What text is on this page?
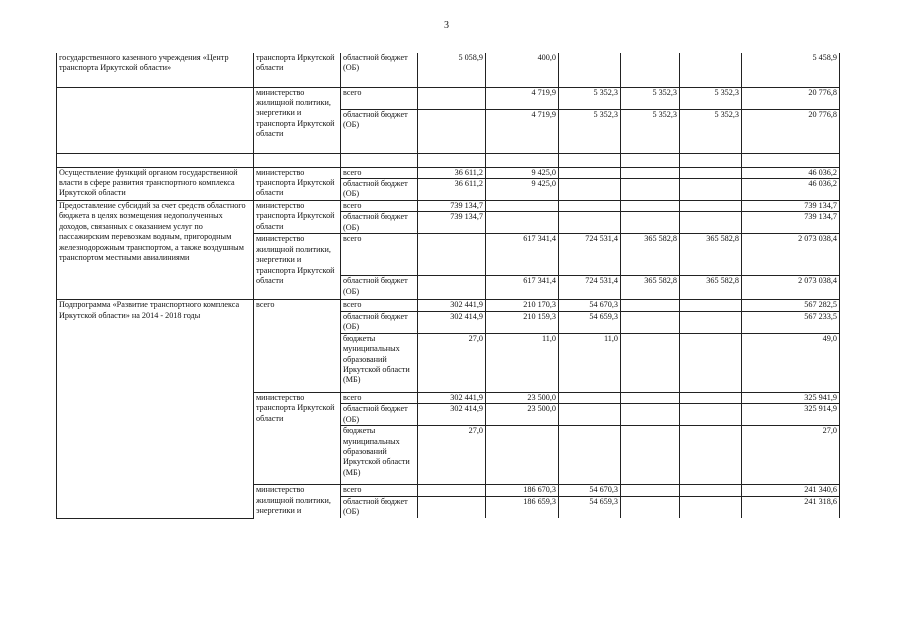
3
государственного казенного учреждения «Центр транспорта Иркутской области»	транспорта Иркутской области	областной бюджет (ОБ)	5 058,9	400,0				5 458,9
	министерство жилищной политики, энергетики и транспорта Иркутской области	всего		4 719,9	5 352,3	5 352,3	5 352,3	20 776,8
		областной бюджет (ОБ)		4 719,9	5 352,3	5 352,3	5 352,3	20 776,8

Осуществление функций органом государственной власти в сфере развития транспортного комплекса Иркутской области	министерство транспорта Иркутской области	всего	36 611,2	9 425,0				46 036,2
		областной бюджет (ОБ)	36 611,2	9 425,0				46 036,2
Предоставление субсидий за счет средств областного бюджета в целях возмещения недополученных доходов, связанных с оказанием услуг по пассажирским перевозкам водным, пригородным железнодорожным транспортом, а также воздушным транспортом местными авиалиниями	министерство транспорта Иркутской области	всего	739 134,7					739 134,7
		областной бюджет (ОБ)	739 134,7					739 134,7
	министерство жилищной политики, энергетики и транспорта Иркутской области	всего		617 341,4	724 531,4	365 582,8	365 582,8	2 073 038,4
		областной бюджет (ОБ)		617 341,4	724 531,4	365 582,8	365 582,8	2 073 038,4
Подпрограмма «Развитие транспортного комплекса Иркутской области» на 2014 - 2018 годы	всего	всего	302 441,9	210 170,3	54 670,3			567 282,5
		областной бюджет (ОБ)	302 414,9	210 159,3	54 659,3			567 233,5
		бюджеты муниципальных образований Иркутской области (МБ)	27,0	11,0	11,0			49,0
	министерство транспорта Иркутской области	всего	302 441,9	23 500,0				325 941,9
		областной бюджет (ОБ)	302 414,9	23 500,0				325 914,9
		бюджеты муниципальных образований Иркутской области (МБ)	27,0					27,0
	министерство жилищной политики, энергетики и	всего		186 670,3	54 670,3			241 340,6
		областной бюджет (ОБ)		186 659,3	54 659,3			241 318,6
